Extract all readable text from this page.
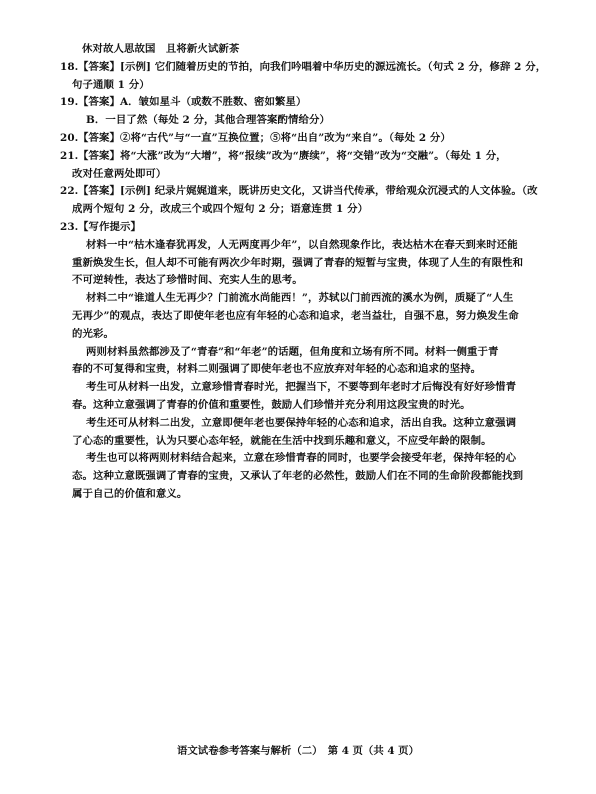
休对故人思故国　且将新火试新茶
18.【答案】[示例] 它们随着历史的节拍，向我们吟唱着中华历史的源远流长。（句式 2 分，修辞 2 分，
句子通顺 1 分）
19.【答案】A．皱如星斗（或数不胜数、密如繁星）
B．一目了然（每处 2 分，其他合理答案酌情给分）
20.【答案】②将“古代”与“一直”互换位置；⑤将“出自”改为“来自”。（每处 2 分）
21.【答案】将“大涨”改为“大增”，将“报续”改为“赓续”，将“交错”改为“交融”。（每处 1 分，
改对任意两处即可）
22.【答案】[示例] 纪录片娓娓道来，既讲历史文化，又讲当代传承，带给观众沉浸式的人文体验。（改
成两个短句 2 分，改成三个或四个短句 2 分；语意连贯 1 分）
23.【写作提示】
材料一中“枯木逢春犹再发，人无两度再少年”，以自然现象作比，表达枯木在春天到来时还能
重新焕发生长，但人却不可能有两次少年时期，强调了青春的短暂与宝贵，体现了人生的有限性和
不可逆转性，表达了珍惜时间、充实人生的思考。
材料二中“谁道人生无再少？门前流水尚能西！”，苏轼以门前西流的溪水为例，质疑了“人生
无再少”的观点，表达了即使年老也应有年轻的心态和追求，老当益壮，自强不息，努力焕发生命
的光彩。
两则材料虽然都涉及了“青春”和“年老”的话题，但角度和立场有所不同。材料一侧重于青
春的不可复得和宝贵，材料二则强调了即使年老也不应放弃对年轻的心态和追求的坚持。
考生可从材料一出发，立意珍惜青春时光，把握当下，不要等到年老时才后悔没有好好珍惜青
春。这种立意强调了青春的价值和重要性，鼓励人们珍惜并充分利用这段宝贵的时光。
考生还可从材料二出发，立意即便年老也要保持年轻的心态和追求，活出自我。这种立意强调
了心态的重要性，认为只要心态年轻，就能在生活中找到乐趣和意义，不应受年龄的限制。
考生也可以将两则材料结合起来，立意在珍惜青春的同时，也要学会接受年老，保持年轻的心
态。这种立意既强调了青春的宝贵，又承认了年老的必然性，鼓励人们在不同的生命阶段都能找到
属于自己的价值和意义。
语文试卷参考答案与解析（二）　第 4 页（共 4 页）
